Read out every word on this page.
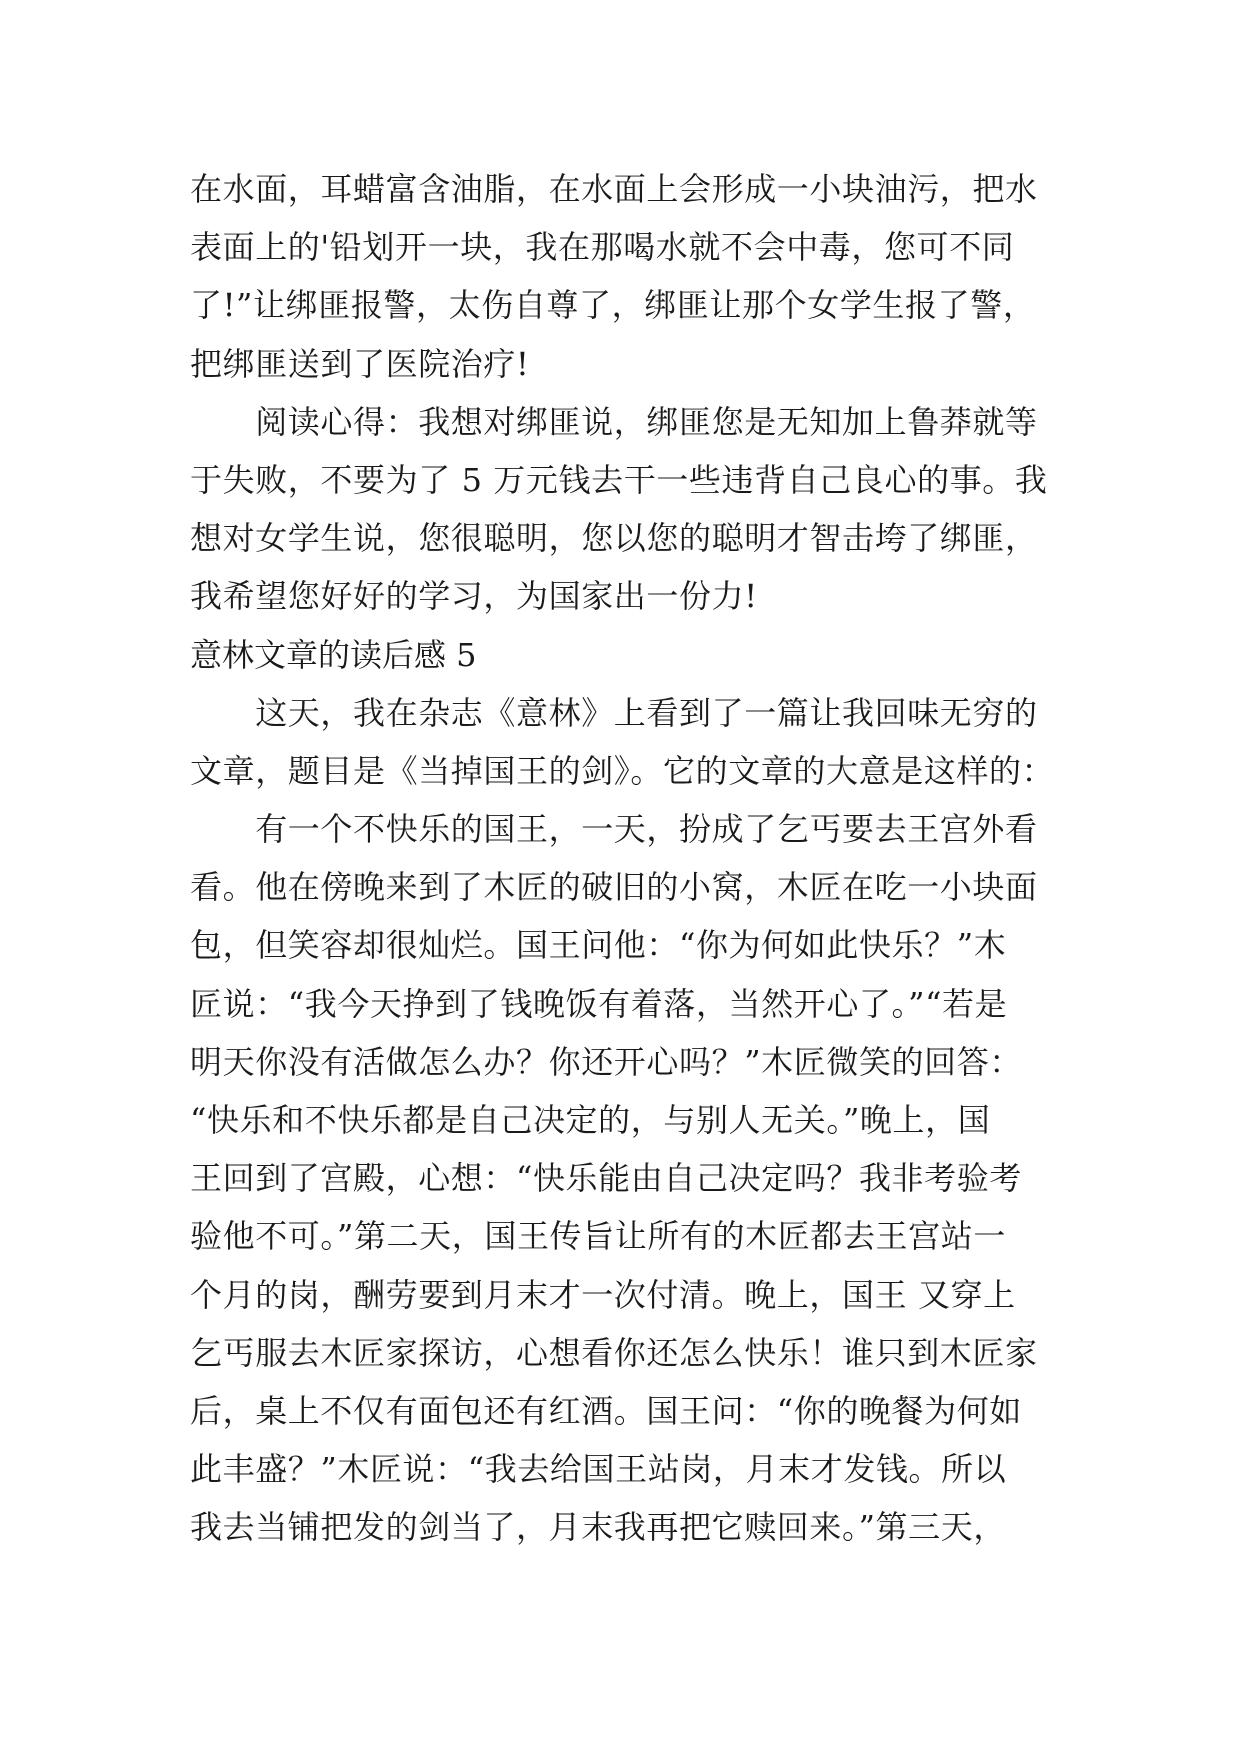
在水面，耳蜡富含油脂，在水面上会形成一小块油污，把水
表面上的'铅划开一块，我在那喝水就不会中毒，您可不同
了!”让绑匪报警，太伤自尊了，绑匪让那个女学生报了警，
把绑匪送到了医院治疗!
　　阅读心得：我想对绑匪说，绑匪您是无知加上鲁莽就等
于失败，不要为了 5 万元钱去干一些违背自己良心的事。我
想对女学生说，您很聪明，您以您的聪明才智击垮了绑匪，
我希望您好好的学习，为国家出一份力!
意林文章的读后感 5
　　这天，我在杂志《意林》上看到了一篇让我回味无穷的
文章，题目是《当掉国王的剑》。它的文章的大意是这样的：
　　有一个不快乐的国王，一天，扮成了乞丐要去王宫外看
看。他在傍晚来到了木匠的破旧的小窝，木匠在吃一小块面
包，但笑容却很灿烂。国王问他：“你为何如此快乐？”木
匠说：“我今天挣到了钱晚饭有着落，当然开心了。”“若是
明天你没有活做怎么办？你还开心吗？”木匠微笑的回答：
“快乐和不快乐都是自己决定的，与别人无关。”晚上，国
王回到了宫殿，心想：“快乐能由自己决定吗？我非考验考
验他不可。”第二天，国王传旨让所有的木匠都去王宫站一
个月的岗，酬劳要到月末才一次付清。晚上，国王 又穿上
乞丐服去木匠家探访，心想看你还怎么快乐！谁只到木匠家
后，桌上不仅有面包还有红酒。国王问：“你的晚餐为何如
此丰盛？”木匠说：“我去给国王站岗，月末才发钱。所以
我去当铺把发的剑当了，月末我再把它赎回来。”第三天，
